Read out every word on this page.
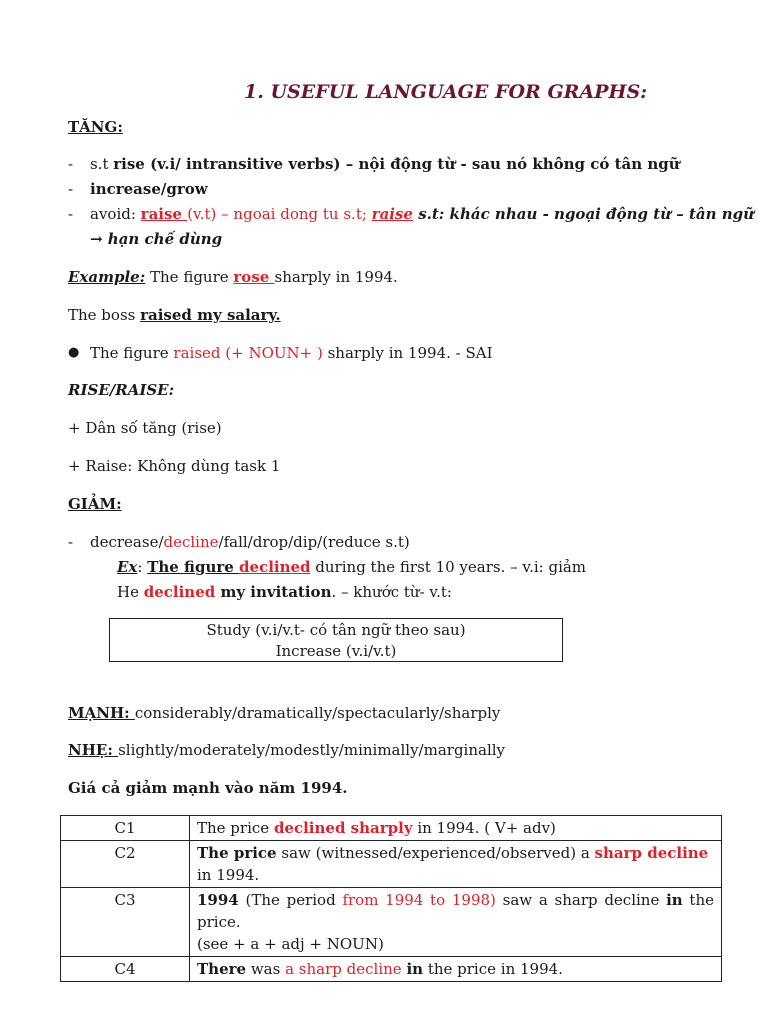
1. USEFUL LANGUAGE FOR GRAPHS:
TĂNG:
- s.t rise (v.i/ intransitive verbs) – nội động từ - sau nó không có tân ngữ
- increase/grow
- avoid: raise (v.t) – ngoai dong tu s.t; raise s.t: khác nhau - ngoại động từ – tân ngữ
→ hạn chế dùng
Example: The figure rose sharply in 1994.
The boss raised my salary.
● The figure raised (+ NOUN+ ) sharply in 1994. - SAI
RISE/RAISE:
+ Dân số tăng (rise)
+ Raise: Không dùng task 1
GIẢM:
- decrease/decline/fall/drop/dip/(reduce s.t)
Ex: The figure declined during the first 10 years. – v.i: giảm
He declined my invitation. – khước từ- v.t:
Study (v.i/v.t- có tân ngữ theo sau)
Increase (v.i/v.t)
MẠNH: considerably/dramatically/spectacularly/sharply
NHẸ: slightly/moderately/modestly/minimally/marginally
Giá cả giảm mạnh vào năm 1994.
C1	The price declined sharply in 1994. ( V+ adv)
C2	The price saw (witnessed/experienced/observed) a sharp decline in 1994.
C3	1994 (The period from 1994 to 1998) saw a sharp decline in the price.
(see + a + adj + NOUN)
C4	There was a sharp decline in the price in 1994.
